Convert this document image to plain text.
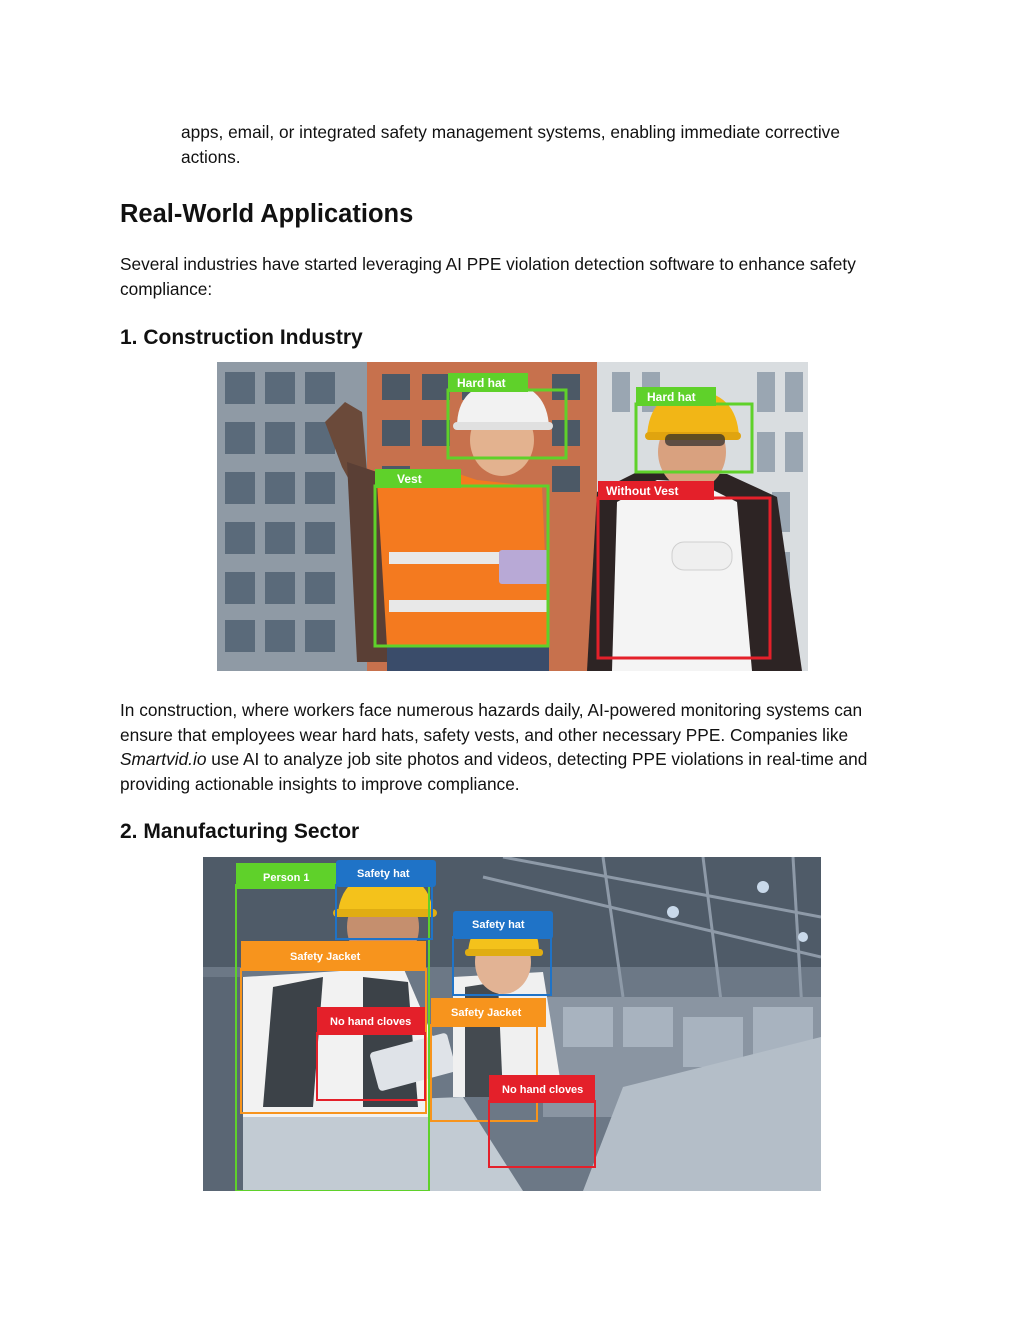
apps, email, or integrated safety management systems, enabling immediate corrective actions.

Real-World Applications

Several industries have started leveraging AI PPE violation detection software to enhance safety compliance:

1. Construction Industry
Hard hat
Hard hat
Vest
Without Vest

In construction, where workers face numerous hazards daily, AI-powered monitoring systems can ensure that employees wear hard hats, safety vests, and other necessary PPE. Companies like Smartvid.io use AI to analyze job site photos and videos, detecting PPE violations in real-time and providing actionable insights to improve compliance.

2. Manufacturing Sector
Person 1	Safety hat
Safety hat
Safety Jacket
Safety Jacket
No hand cloves
No hand cloves
